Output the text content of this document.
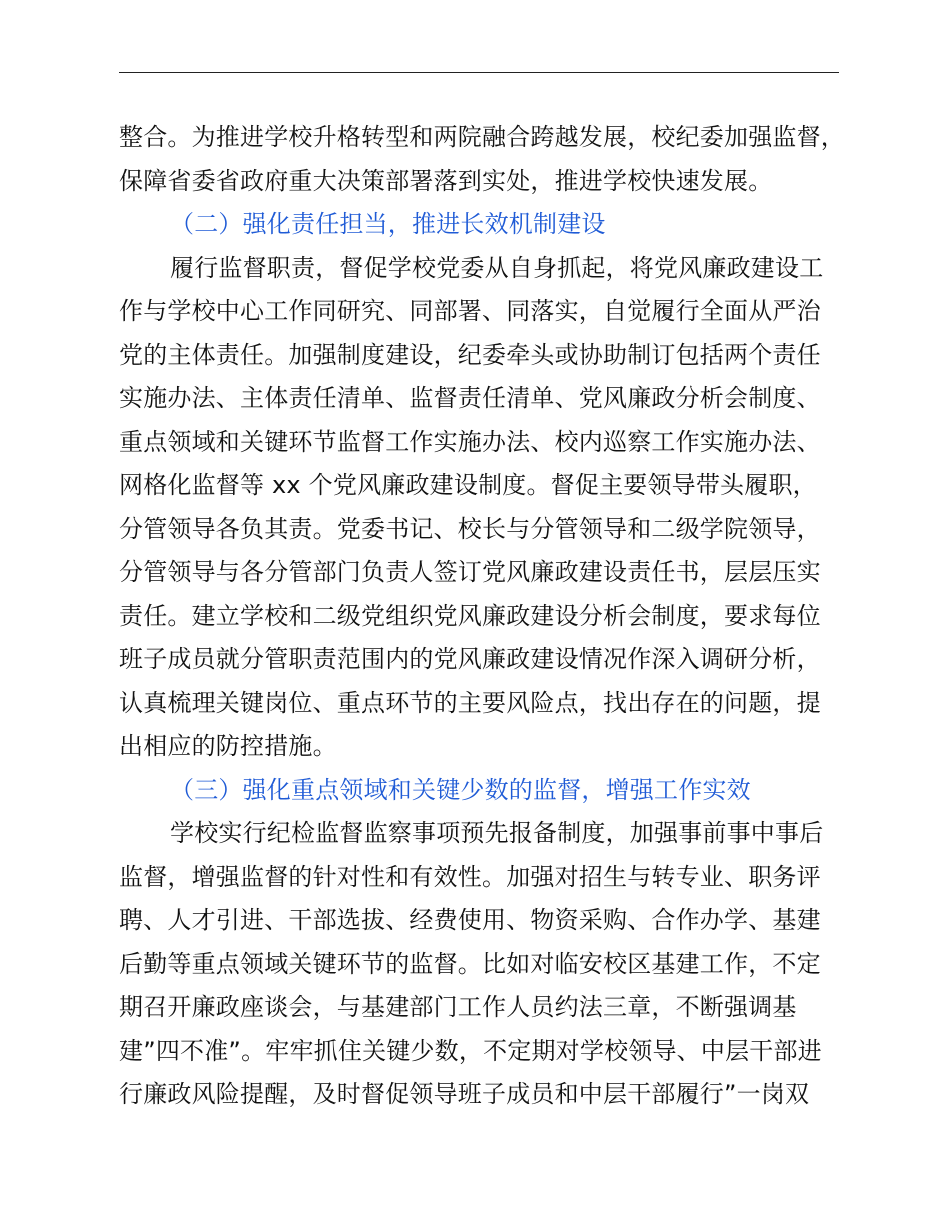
整合。为推进学校升格转型和两院融合跨越发展，校纪委加强监督，
保障省委省政府重大决策部署落到实处，推进学校快速发展。
（二）强化责任担当，推进长效机制建设
履行监督职责，督促学校党委从自身抓起，将党风廉政建设工
作与学校中心工作同研究、同部署、同落实，自觉履行全面从严治
党的主体责任。加强制度建设，纪委牵头或协助制订包括两个责任
实施办法、主体责任清单、监督责任清单、党风廉政分析会制度、
重点领域和关键环节监督工作实施办法、校内巡察工作实施办法、
网格化监督等 xx 个党风廉政建设制度。督促主要领导带头履职，
分管领导各负其责。党委书记、校长与分管领导和二级学院领导，
分管领导与各分管部门负责人签订党风廉政建设责任书，层层压实
责任。建立学校和二级党组织党风廉政建设分析会制度，要求每位
班子成员就分管职责范围内的党风廉政建设情况作深入调研分析，
认真梳理关键岗位、重点环节的主要风险点，找出存在的问题，提
出相应的防控措施。
（三）强化重点领域和关键少数的监督，增强工作实效
学校实行纪检监督监察事项预先报备制度，加强事前事中事后
监督，增强监督的针对性和有效性。加强对招生与转专业、职务评
聘、人才引进、干部选拔、经费使用、物资采购、合作办学、基建
后勤等重点领域关键环节的监督。比如对临安校区基建工作，不定
期召开廉政座谈会，与基建部门工作人员约法三章，不断强调基
建”四不准”。牢牢抓住关键少数，不定期对学校领导、中层干部进
行廉政风险提醒，及时督促领导班子成员和中层干部履行”一岗双
